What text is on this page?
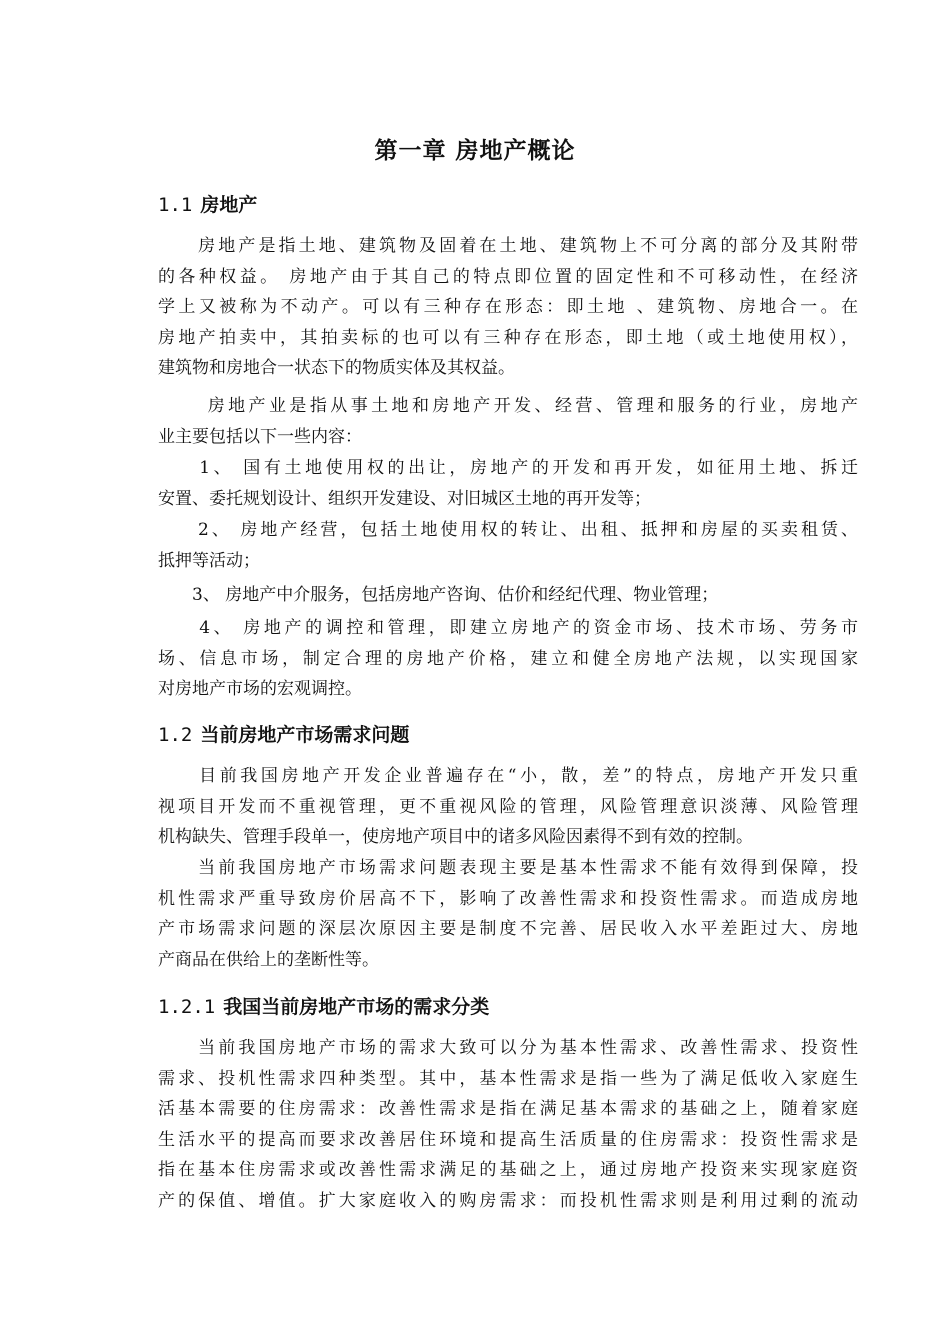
第一章 房地产概论
1.1 房地产
　　房地产是指土地、建筑物及固着在土地、建筑物上不可分离的部分及其附带
的各种权益。 房地产由于其自己的特点即位置的固定性和不可移动性，在经济
学上又被称为不动产。可以有三种存在形态：即土地 、建筑物、房地合一。在
房地产拍卖中，其拍卖标的也可以有三种存在形态，即土地（或土地使用权），
建筑物和房地合一状态下的物质实体及其权益。
　　 房地产业是指从事土地和房地产开发、经营、管理和服务的行业，房地产
业主要包括以下一些内容：
　　1、 国有土地使用权的出让，房地产的开发和再开发，如征用土地、拆迁
安置、委托规划设计、组织开发建设、对旧城区土地的再开发等；
　　2、 房地产经营，包括土地使用权的转让、出租、抵押和房屋的买卖租赁、
抵押等活动；
　　3、 房地产中介服务，包括房地产咨询、估价和经纪代理、物业管理；
　　4、 房地产的调控和管理，即建立房地产的资金市场、技术市场、劳务市
场、信息市场，制定合理的房地产价格，建立和健全房地产法规，以实现国家
对房地产市场的宏观调控。
1.2 当前房地产市场需求问题
　　目前我国房地产开发企业普遍存在“小，散，差”的特点，房地产开发只重
视项目开发而不重视管理，更不重视风险的管理，风险管理意识淡薄、风险管理
机构缺失、管理手段单一，使房地产项目中的诸多风险因素得不到有效的控制。
　　当前我国房地产市场需求问题表现主要是基本性需求不能有效得到保障，投
机性需求严重导致房价居高不下，影响了改善性需求和投资性需求。而造成房地
产市场需求问题的深层次原因主要是制度不完善、居民收入水平差距过大、房地
产商品在供给上的垄断性等。
1.2.1 我国当前房地产市场的需求分类
　　当前我国房地产市场的需求大致可以分为基本性需求、改善性需求、投资性
需求、投机性需求四种类型。其中，基本性需求是指一些为了满足低收入家庭生
活基本需要的住房需求：改善性需求是指在满足基本需求的基础之上，随着家庭
生活水平的提高而要求改善居住环境和提高生活质量的住房需求：投资性需求是
指在基本住房需求或改善性需求满足的基础之上，通过房地产投资来实现家庭资
产的保值、增值。扩大家庭收入的购房需求：而投机性需求则是利用过剩的流动
